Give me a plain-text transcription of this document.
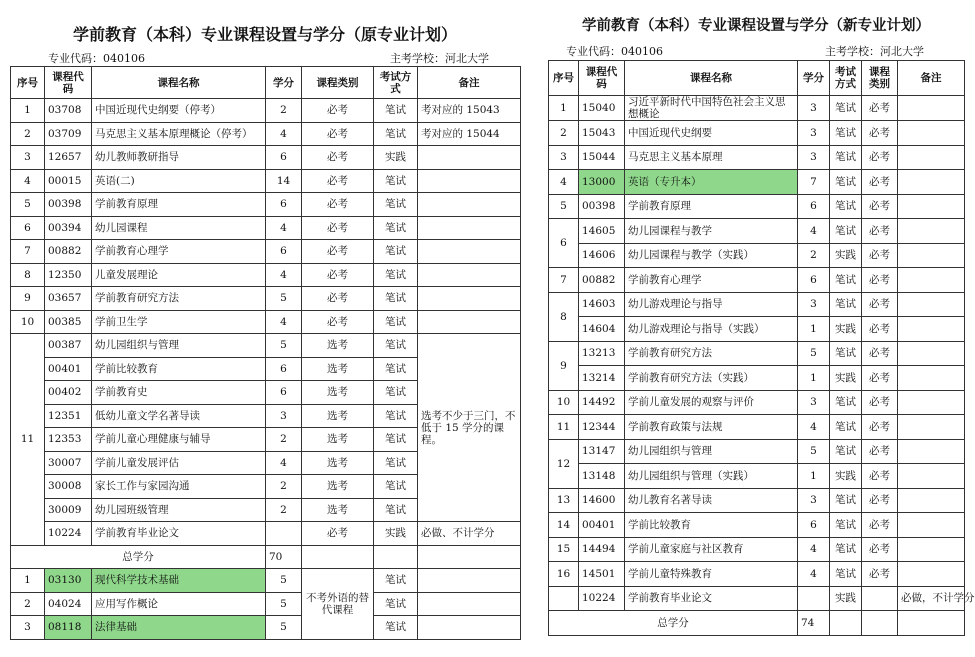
学前教育（本科）专业课程设置与学分（原专业计划）
专业代码：040106	主考学校：河北大学
序号	课程代码	课程名称	学分	课程类别	考试方式	备注
1	03708	中国近现代史纲要（停考）	2	必考	笔试	考对应的 15043
2	03709	马克思主义基本原理概论（停考）	4	必考	笔试	考对应的 15044
3	12657	幼儿教师教研指导	6	必考	实践	
4	00015	英语(二)	14	必考	笔试	
5	00398	学前教育原理	6	必考	笔试	
6	00394	幼儿园课程	4	必考	笔试	
7	00882	学前教育心理学	6	必考	笔试	
8	12350	儿童发展理论	4	必考	笔试	
9	03657	学前教育研究方法	5	必考	笔试	
10	00385	学前卫生学	4	必考	笔试	
11	00387	幼儿园组织与管理	5	选考	笔试	选考不少于三门，不低于 15 学分的课程。
	00401	学前比较教育	6	选考	笔试	
	00402	学前教育史	6	选考	笔试	
	12351	低幼儿童文学名著导读	3	选考	笔试	
	12353	学前儿童心理健康与辅导	2	选考	笔试	
	30007	学前儿童发展评估	4	选考	笔试	
	30008	家长工作与家园沟通	2	选考	笔试	
	30009	幼儿园班级管理	2	选考	笔试	
	10224	学前教育毕业论文		必考	实践	必做、不计学分
总学分			70			
1	03130	现代科学技术基础	5	不考外语的替代课程	笔试	
2	04024	应用写作概论	5		笔试	
3	08118	法律基础	5		笔试	
学前教育（本科）专业课程设置与学分（新专业计划）
专业代码：040106	主考学校：河北大学
序号	课程代码	课程名称	学分	考试方式	课程类别	备注
1	15040	习近平新时代中国特色社会主义思想概论	3	笔试	必考	
2	15043	中国近现代史纲要	3	笔试	必考	
3	15044	马克思主义基本原理	3	笔试	必考	
4	13000	英语（专升本）	7	笔试	必考	
5	00398	学前教育原理	6	笔试	必考	
6	14605	幼儿园课程与教学	4	笔试	必考	
	14606	幼儿园课程与教学（实践）	2	实践	必考	
7	00882	学前教育心理学	6	笔试	必考	
8	14603	幼儿游戏理论与指导	3	笔试	必考	
	14604	幼儿游戏理论与指导（实践）	1	实践	必考	
9	13213	学前教育研究方法	5	笔试	必考	
	13214	学前教育研究方法（实践）	1	实践	必考	
10	14492	学前儿童发展的观察与评价	3	笔试	必考	
11	12344	学前教育政策与法规	4	笔试	必考	
12	13147	幼儿园组织与管理	5	笔试	必考	
	13148	幼儿园组织与管理（实践）	1	实践	必考	
13	14600	幼儿教育名著导读	3	笔试	必考	
14	00401	学前比较教育	6	笔试	必考	
15	14494	学前儿童家庭与社区教育	4	笔试	必考	
16	14501	学前儿童特殊教育	4	笔试	必考	
	10224	学前教育毕业论文		实践		必做，不计学分
总学分			74			
